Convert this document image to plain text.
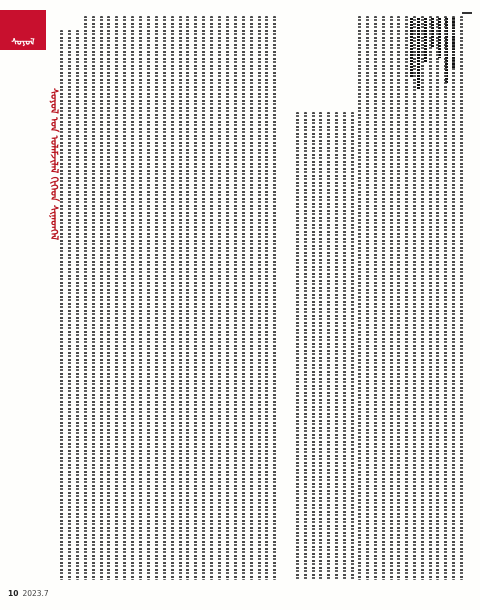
ᠰᠣᠶᠣᠯ
ᠰᠣᠶᠣᠯ ᠤᠨ ᠤᠯᠠᠮᠵᠢᠯᠠᠯ ᠬᠢᠭᠡᠳ ᠰᠢᠨᠡᠳᠬᠡᠯ
10 2023.7
